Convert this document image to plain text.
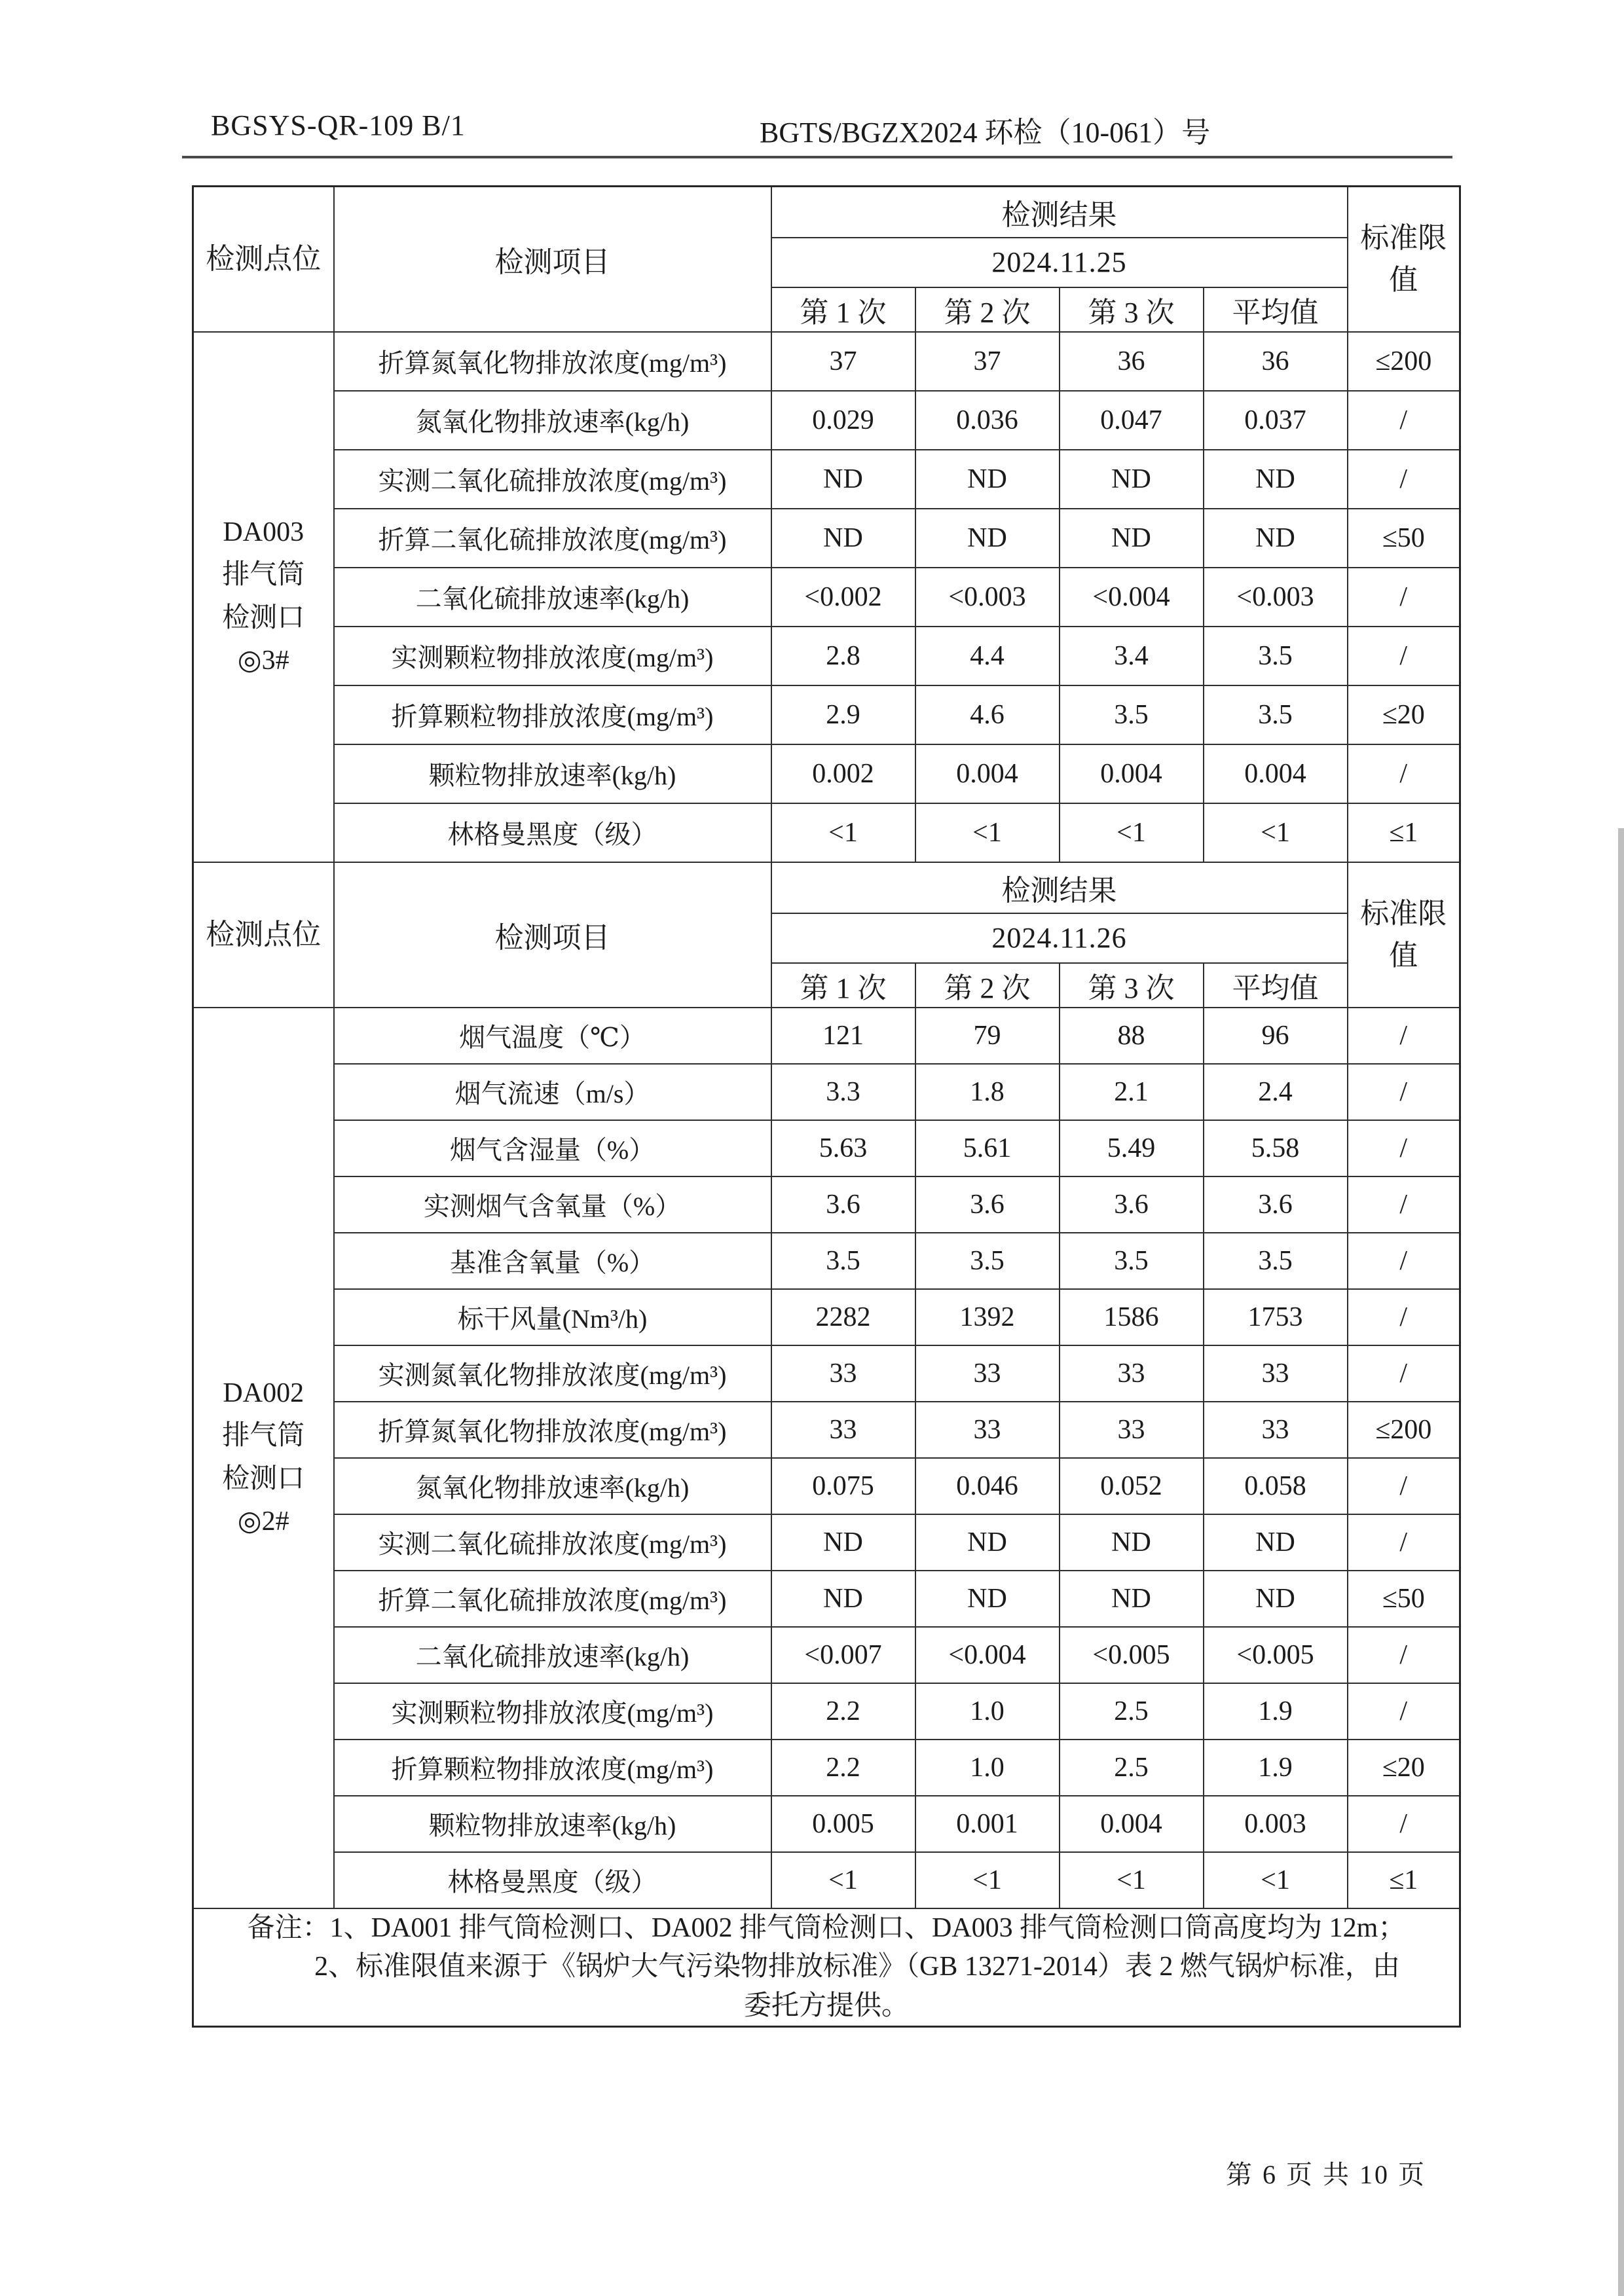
BGSYS-QR-109 B/1	BGTS/BGZX2024 环检（10-061）号
检测点位	检测项目	检测结果				标准限值
		2024.11.25				
		第 1 次	第 2 次	第 3 次	平均值	

DA003
排气筒
检测口
◎3#	折算氮氧化物排放浓度(mg/m³)	37	37	36	36	≤200
	氮氧化物排放速率(kg/h)	0.029	0.036	0.047	0.037	/
	实测二氧化硫排放浓度(mg/m³)	ND	ND	ND	ND	/
	折算二氧化硫排放浓度(mg/m³)	ND	ND	ND	ND	≤50
	二氧化硫排放速率(kg/h)	<0.002	<0.003	<0.004	<0.003	/
	实测颗粒物排放浓度(mg/m³)	2.8	4.4	3.4	3.5	/
	折算颗粒物排放浓度(mg/m³)	2.9	4.6	3.5	3.5	≤20
	颗粒物排放速率(kg/h)	0.002	0.004	0.004	0.004	/
	林格曼黑度（级）	<1	<1	<1	<1	≤1
检测点位	检测项目	检测结果				标准限值
		2024.11.26				
		第 1 次	第 2 次	第 3 次	平均值	

DA002
排气筒
检测口
◎2#	烟气温度（℃）	121	79	88	96	/
	烟气流速（m/s）	3.3	1.8	2.1	2.4	/
	烟气含湿量（%）	5.63	5.61	5.49	5.58	/
	实测烟气含氧量（%）	3.6	3.6	3.6	3.6	/
	基准含氧量（%）	3.5	3.5	3.5	3.5	/
	标干风量(Nm³/h)	2282	1392	1586	1753	/
	实测氮氧化物排放浓度(mg/m³)	33	33	33	33	/
	折算氮氧化物排放浓度(mg/m³)	33	33	33	33	≤200
	氮氧化物排放速率(kg/h)	0.075	0.046	0.052	0.058	/
	实测二氧化硫排放浓度(mg/m³)	ND	ND	ND	ND	/
	折算二氧化硫排放浓度(mg/m³)	ND	ND	ND	ND	≤50
	二氧化硫排放速率(kg/h)	<0.007	<0.004	<0.005	<0.005	/
	实测颗粒物排放浓度(mg/m³)	2.2	1.0	2.5	1.9	/
	折算颗粒物排放浓度(mg/m³)	2.2	1.0	2.5	1.9	≤20
	颗粒物排放速率(kg/h)	0.005	0.001	0.004	0.003	/
	林格曼黑度（级）	<1	<1	<1	<1	≤1

备注：1、DA001 排气筒检测口、DA002 排气筒检测口、DA003 排气筒检测口筒高度均为 12m；
2、标准限值来源于《锅炉大气污染物排放标准》（GB 13271-2014）表 2 燃气锅炉标准，由
委托方提供。						
第 6 页 共 10 页
